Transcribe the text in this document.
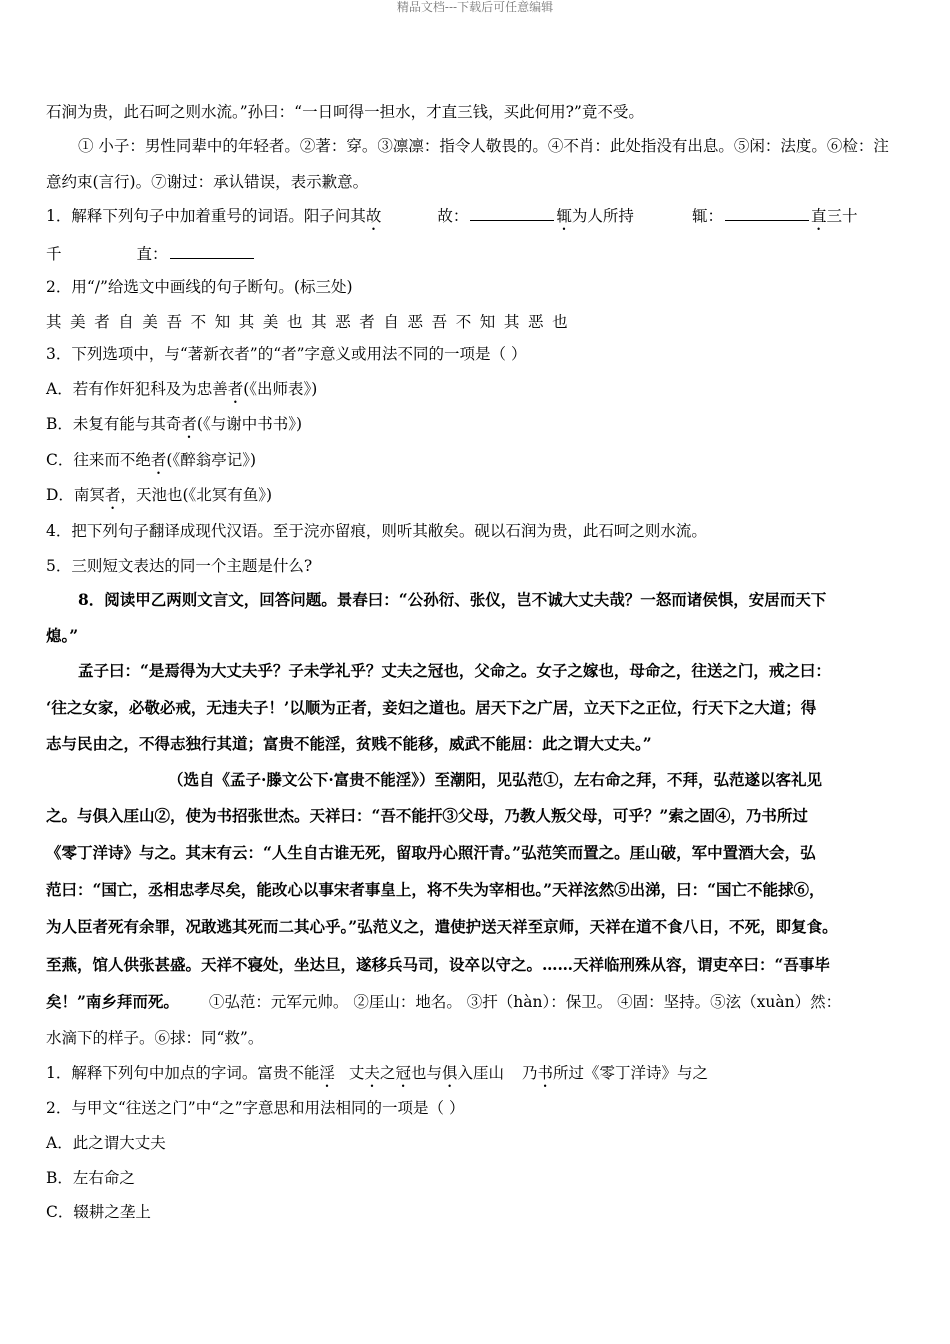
精品文档---下载后可任意编辑
石涧为贵，此石呵之则水流。”孙曰：“一日呵得一担水，才直三钱，买此何用?”竟不受。
① 小子：男性同辈中的年轻者。②著：穿。③凛凛：指令人敬畏的。④不肖：此处指没有出息。⑤闲：法度。⑥检：注
意约束(言行)。⑦谢过：承认错误，表示歉意。
1．解释下列句子中加着重号的词语。阳子问其故	故：	辄为人所持	辄：	直三十
千	直：
2．用“/”给选文中画线的句子断句。(标三处)
其美者自美吾不知其美也其恶者自恶吾不知其恶也
3．下列选项中，与“著新衣者”的“者”字意义或用法不同的一项是（ ）
A．若有作奸犯科及为忠善者(《出师表》)
B．未复有能与其奇者(《与谢中书书》)
C．往来而不绝者(《醉翁亭记》)
D．南冥者，天池也(《北冥有鱼》)
4．把下列句子翻译成现代汉语。至于浣亦留痕，则听其敝矣。砚以石润为贵，此石呵之则水流。
5．三则短文表达的同一个主题是什么?
8．阅读甲乙两则文言文，回答问题。景春曰：“公孙衍、张仪，岂不诚大丈夫哉？一怒而诸侯惧，安居而天下
熄。”
孟子曰：“是焉得为大丈夫乎？子未学礼乎？丈夫之冠也，父命之。女子之嫁也，母命之，往送之门，戒之曰：
‘往之女家，必敬必戒，无违夫子！’以顺为正者，妾妇之道也。居天下之广居，立天下之正位，行天下之大道；得
志与民由之，不得志独行其道；富贵不能淫，贫贱不能移，威武不能屈：此之谓大丈夫。”
（选自《孟子·滕文公下·富贵不能淫》）至潮阳，见弘范①，左右命之拜，不拜，弘范遂以客礼见
之。与俱入厓山②，使为书招张世杰。天祥曰：“吾不能扞③父母，乃教人叛父母，可乎？”索之固④，乃书所过
《零丁洋诗》与之。其末有云：“人生自古谁无死，留取丹心照汗青。”弘范笑而置之。厓山破，军中置酒大会，弘
范曰：“国亡，丞相忠孝尽矣，能改心以事宋者事皇上，将不失为宰相也。”天祥泫然⑤出涕，曰：“国亡不能捄⑥，
为人臣者死有余罪，况敢逃其死而二其心乎。”弘范义之，遣使护送天祥至京师，天祥在道不食八日，不死，即复食。
至燕，馆人供张甚盛。天祥不寝处，坐达旦，遂移兵马司，设卒以守之。……天祥临刑殊从容，谓吏卒曰：“吾事毕
矣！”南乡拜而死。 ①弘范：元军元帅。 ②厓山：地名。 ③扞（hàn）：保卫。 ④固：坚持。⑤泫（xuàn）然：
水滴下的样子。⑥捄：同“救”。
1．解释下列句中加点的字词。富贵不能淫 丈夫之冠也与俱入厓山 乃书所过《零丁洋诗》与之
2．与甲文“往送之门”中“之”字意思和用法相同的一项是（ ）
A．此之谓大丈夫
B．左右命之
C．辍耕之垄上
